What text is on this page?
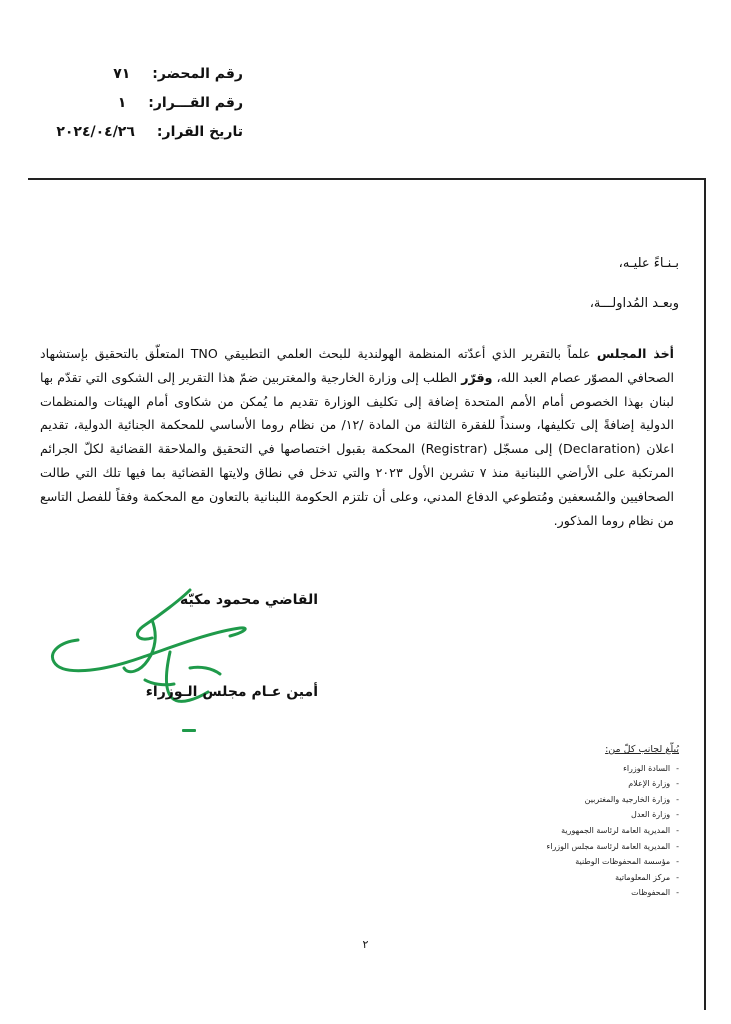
رقم المحضر:
٧١
رقم القـــرار:
١
تاريخ القرار:
٢٠٢٤/٠٤/٢٦
بـنـاءً عليـه،
وبعـد المُداولـــة،
أخذ المجلس علماً بالتقرير الذي أعدّته المنظمة الهولندية للبحث العلمي التطبيقي TNO المتعلّق بالتحقيق بإستشهاد الصحافي المصوّر عصام العبد الله، وقرّر الطلب إلى وزارة الخارجية والمغتربين ضمّ هذا التقرير إلى الشكوى التي تقدّم بها لبنان بهذا الخصوص أمام الأمم المتحدة إضافة إلى تكليف الوزارة تقديم ما يُمكن من شكاوى أمام الهيئات والمنظمات الدولية إضافةً إلى تكليفها، وسنداً للفقرة الثالثة من المادة /١٢/ من نظام روما الأساسي للمحكمة الجنائية الدولية، تقديم اعلان (Declaration) إلى مسجّل (Registrar) المحكمة بقبول اختصاصها في التحقيق والملاحقة القضائية لكلّ الجرائم المرتكبة على الأراضي اللبنانية منذ ٧ تشرين الأول ٢٠٢٣ والتي تدخل في نطاق ولايتها القضائية بما فيها تلك التي طالت الصحافيين والمُسعفين ومُتطوعي الدفاع المدني، وعلى أن تلتزم الحكومة اللبنانية بالتعاون مع المحكمة وفقاً للفصل التاسع من نظام روما المذكور.
القاضي محمود مكيّه
أمين عـام مجلس الـوزراء
يُبلّغ لجانب كلّ من:
-السادة الوزراء
-وزارة الإعلام
-وزارة الخارجية والمغتربين
-وزارة العدل
-المديرية العامة لرئاسة الجمهورية
-المديرية العامة لرئاسة مجلس الوزراء
-مؤسسة المحفوظات الوطنية
-مركز المعلوماتية
-المحفوظات
٢
